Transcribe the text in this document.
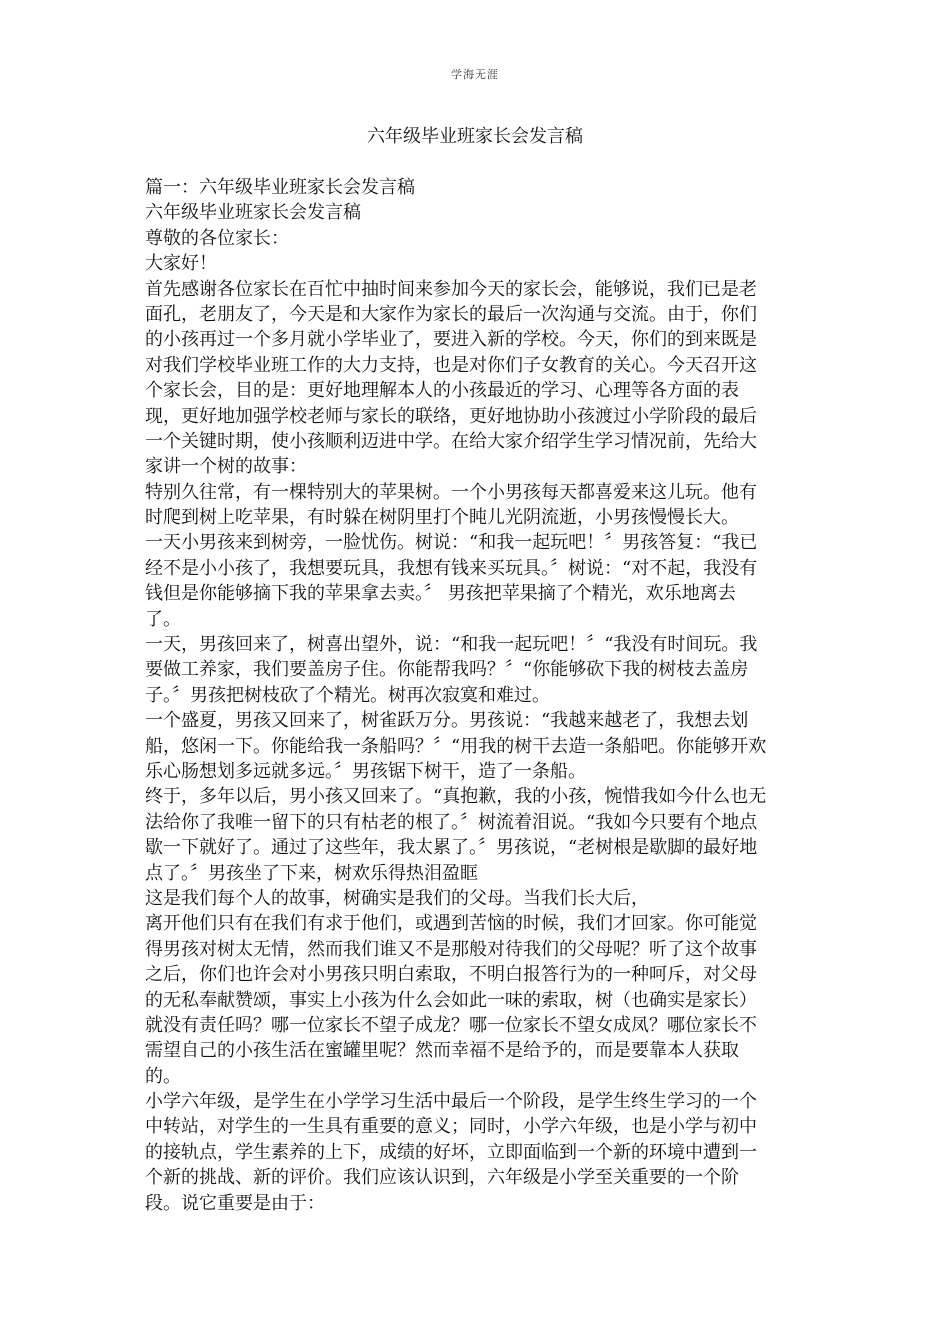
学海无涯
六年级毕业班家长会发言稿
篇一：六年级毕业班家长会发言稿
六年级毕业班家长会发言稿
尊敬的各位家长：
大家好！
首先感谢各位家长在百忙中抽时间来参加今天的家长会，能够说，我们已是老
面孔，老朋友了，今天是和大家作为家长的最后一次沟通与交流。由于，你们
的小孩再过一个多月就小学毕业了，要进入新的学校。今天，你们的到来既是
对我们学校毕业班工作的大力支持，也是对你们子女教育的关心。今天召开这
个家长会，目的是：更好地理解本人的小孩最近的学习、心理等各方面的表
现，更好地加强学校老师与家长的联络，更好地协助小孩渡过小学阶段的最后
一个关键时期，使小孩顺利迈进中学。在给大家介绍学生学习情况前，先给大
家讲一个树的故事：
特别久往常，有一棵特别大的苹果树。一个小男孩每天都喜爱来这儿玩。他有
时爬到树上吃苹果，有时躲在树阴里打个盹儿光阴流逝，小男孩慢慢长大。
一天小男孩来到树旁，一脸忧伤。树说：“和我一起玩吧！〞男孩答复：“我已
经不是小小孩了，我想要玩具，我想有钱来买玩具。〞树说：“对不起，我没有
钱但是你能够摘下我的苹果拿去卖。〞 男孩把苹果摘了个精光，欢乐地离去
了。
一天，男孩回来了，树喜出望外，说：“和我一起玩吧！〞“我没有时间玩。我
要做工养家，我们要盖房子住。你能帮我吗？〞“你能够砍下我的树枝去盖房
子。〞男孩把树枝砍了个精光。树再次寂寞和难过。
一个盛夏，男孩又回来了，树雀跃万分。男孩说：“我越来越老了，我想去划
船，悠闲一下。你能给我一条船吗？〞“用我的树干去造一条船吧。你能够开欢
乐心肠想划多远就多远。〞男孩锯下树干，造了一条船。
终于，多年以后，男小孩又回来了。“真抱歉，我的小孩，惋惜我如今什么也无
法给你了我唯一留下的只有枯老的根了。〞树流着泪说。“我如今只要有个地点
歇一下就好了。通过了这些年，我太累了。〞男孩说，“老树根是歇脚的最好地
点了。〞男孩坐了下来，树欢乐得热泪盈眶
这是我们每个人的故事，树确实是我们的父母。当我们长大后，
离开他们只有在我们有求于他们，或遇到苦恼的时候，我们才回家。你可能觉
得男孩对树太无情，然而我们谁又不是那般对待我们的父母呢？听了这个故事
之后，你们也许会对小男孩只明白索取，不明白报答行为的一种呵斥，对父母
的无私奉献赞颂，事实上小孩为什么会如此一味的索取，树（也确实是家长）
就没有责任吗？哪一位家长不望子成龙？哪一位家长不望女成凤？哪位家长不
需望自己的小孩生活在蜜罐里呢？然而幸福不是给予的，而是要靠本人获取
的。
小学六年级，是学生在小学学习生活中最后一个阶段，是学生终生学习的一个
中转站，对学生的一生具有重要的意义；同时，小学六年级，也是小学与初中
的接轨点，学生素养的上下，成绩的好坏，立即面临到一个新的环境中遭到一
个新的挑战、新的评价。我们应该认识到，六年级是小学至关重要的一个阶
段。说它重要是由于：
